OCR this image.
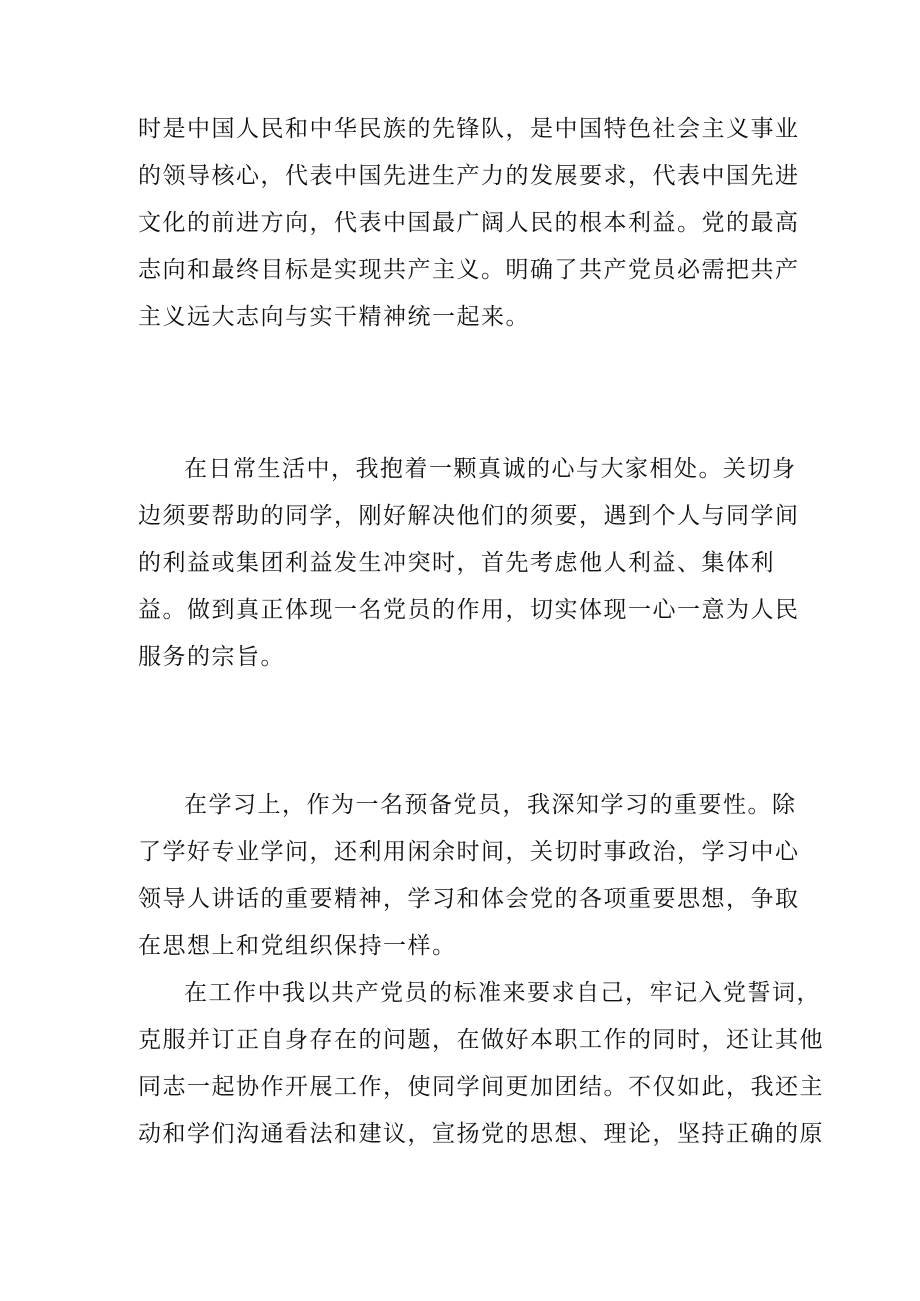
时是中国人民和中华民族的先锋队，是中国特色社会主义事业
的领导核心，代表中国先进生产力的发展要求，代表中国先进
文化的前进方向，代表中国最广阔人民的根本利益。党的最高
志向和最终目标是实现共产主义。明确了共产党员必需把共产
主义远大志向与实干精神统一起来。
在日常生活中，我抱着一颗真诚的心与大家相处。关切身
边须要帮助的同学，刚好解决他们的须要，遇到个人与同学间
的利益或集团利益发生冲突时，首先考虑他人利益、集体利
益。做到真正体现一名党员的作用，切实体现一心一意为人民
服务的宗旨。
在学习上，作为一名预备党员，我深知学习的重要性。除
了学好专业学问，还利用闲余时间，关切时事政治，学习中心
领导人讲话的重要精神，学习和体会党的各项重要思想，争取
在思想上和党组织保持一样。
在工作中我以共产党员的标准来要求自己，牢记入党誓词，
克服并订正自身存在的问题，在做好本职工作的同时，还让其他
同志一起协作开展工作，使同学间更加团结。不仅如此，我还主
动和学们沟通看法和建议，宣扬党的思想、理论，坚持正确的原
